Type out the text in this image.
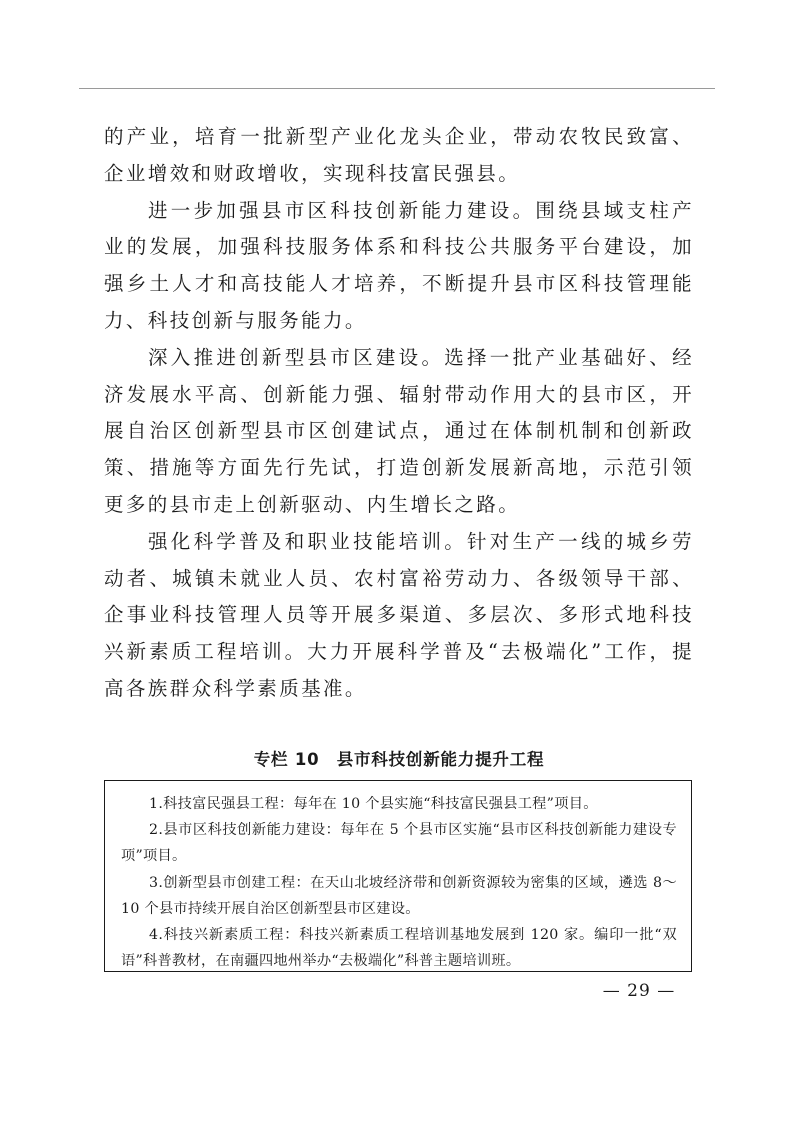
的产业，培育一批新型产业化龙头企业，带动农牧民致富、企业增效和财政增收，实现科技富民强县。

进一步加强县市区科技创新能力建设。围绕县域支柱产业的发展，加强科技服务体系和科技公共服务平台建设，加强乡土人才和高技能人才培养，不断提升县市区科技管理能力、科技创新与服务能力。

深入推进创新型县市区建设。选择一批产业基础好、经济发展水平高、创新能力强、辐射带动作用大的县市区，开展自治区创新型县市区创建试点，通过在体制机制和创新政策、措施等方面先行先试，打造创新发展新高地，示范引领更多的县市走上创新驱动、内生增长之路。

强化科学普及和职业技能培训。针对生产一线的城乡劳动者、城镇未就业人员、农村富裕劳动力、各级领导干部、企事业科技管理人员等开展多渠道、多层次、多形式地科技兴新素质工程培训。大力开展科学普及“去极端化”工作，提高各族群众科学素质基准。

专栏 10　县市科技创新能力提升工程

1.科技富民强县工程：每年在 10 个县实施“科技富民强县工程”项目。

2.县市区科技创新能力建设：每年在 5 个县市区实施“县市区科技创新能力建设专项”项目。

3.创新型县市创建工程：在天山北坡经济带和创新资源较为密集的区域，遴选 8～10 个县市持续开展自治区创新型县市区建设。

4.科技兴新素质工程：科技兴新素质工程培训基地发展到 120 家。编印一批“双语”科普教材，在南疆四地州举办“去极端化”科普主题培训班。

— 29 —
